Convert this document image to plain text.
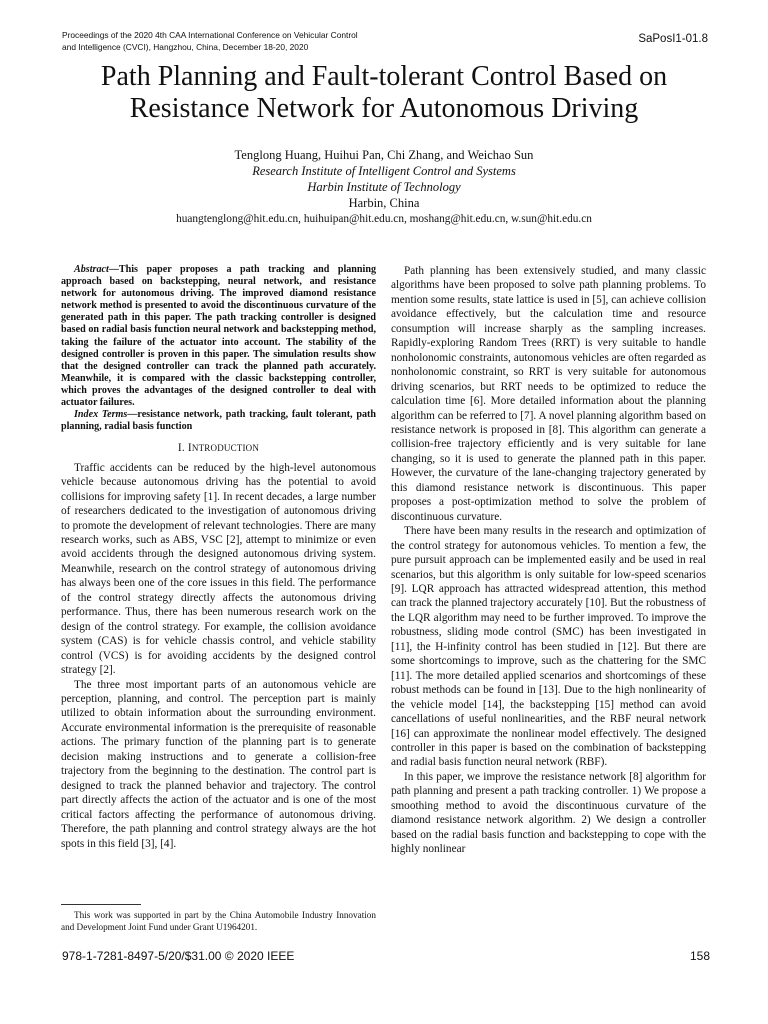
Proceedings of the 2020 4th CAA International Conference on Vehicular Control
and Intelligence (CVCI), Hangzhou, China, December 18-20, 2020
SaPosI1-01.8
Path Planning and Fault-tolerant Control Based on
Resistance Network for Autonomous Driving
Tenglong Huang, Huihui Pan, Chi Zhang, and Weichao Sun
Research Institute of Intelligent Control and Systems
Harbin Institute of Technology
Harbin, China
huangtenglong@hit.edu.cn, huihuipan@hit.edu.cn, moshang@hit.edu.cn, w.sun@hit.edu.cn

Abstract—This paper proposes a path tracking and planning approach based on backstepping, neural network, and resistance network for autonomous driving. The improved diamond resistance network method is presented to avoid the discontinuous curvature of the generated path in this paper. The path tracking controller is designed based on radial basis function neural network and backstepping method, taking the failure of the actuator into account. The stability of the designed controller is proven in this paper. The simulation results show that the designed controller can track the planned path accurately. Meanwhile, it is compared with the classic backstepping controller, which proves the advantages of the designed controller to deal with actuator failures.

Index Terms—resistance network, path tracking, fault tolerant, path planning, radial basis function

I. INTRODUCTION

Traffic accidents can be reduced by the high-level autonomous vehicle because autonomous driving has the potential to avoid collisions for improving safety [1]. In recent decades, a large number of researchers dedicated to the investigation of autonomous driving to promote the development of relevant technologies. There are many research works, such as ABS, VSC [2], attempt to minimize or even avoid accidents through the designed autonomous driving system. Meanwhile, research on the control strategy of autonomous driving has always been one of the core issues in this field. The performance of the control strategy directly affects the autonomous driving performance. Thus, there has been numerous research work on the design of the control strategy. For example, the collision avoidance system (CAS) is for vehicle chassis control, and vehicle stability control (VCS) is for avoiding accidents by the designed control strategy [2].

The three most important parts of an autonomous vehicle are perception, planning, and control. The perception part is mainly utilized to obtain information about the surrounding environment. Accurate environmental information is the prerequisite of reasonable actions. The primary function of the planning part is to generate decision making instructions and to generate a collision-free trajectory from the beginning to the destination. The control part is designed to track the planned behavior and trajectory. The control part directly affects the action of the actuator and is one of the most critical factors affecting the performance of autonomous driving. Therefore, the path planning and control strategy always are the hot spots in this field [3], [4].

This work was supported in part by the China Automobile Industry Innovation and Development Joint Fund under Grant U1964201.

Path planning has been extensively studied, and many classic algorithms have been proposed to solve path planning problems. To mention some results, state lattice is used in [5], can achieve collision avoidance effectively, but the calculation time and resource consumption will increase sharply as the sampling increases. Rapidly-exploring Random Trees (RRT) is very suitable to handle nonholonomic constraints, autonomous vehicles are often regarded as nonholonomic constraint, so RRT is very suitable for autonomous driving scenarios, but RRT needs to be optimized to reduce the calculation time [6]. More detailed information about the planning algorithm can be referred to [7]. A novel planning algorithm based on resistance network is proposed in [8]. This algorithm can generate a collision-free trajectory efficiently and is very suitable for lane changing, so it is used to generate the planned path in this paper. However, the curvature of the lane-changing trajectory generated by this diamond resistance network is discontinuous. This paper proposes a post-optimization method to solve the problem of discontinuous curvature.

There have been many results in the research and optimization of the control strategy for autonomous vehicles. To mention a few, the pure pursuit approach can be implemented easily and be used in real scenarios, but this algorithm is only suitable for low-speed scenarios [9]. LQR approach has attracted widespread attention, this method can track the planned trajectory accurately [10]. But the robustness of the LQR algorithm may need to be further improved. To improve the robustness, sliding mode control (SMC) has been investigated in [11], the H-infinity control has been studied in [12]. But there are some shortcomings to improve, such as the chattering for the SMC [11]. The more detailed applied scenarios and shortcomings of these robust methods can be found in [13]. Due to the high nonlinearity of the vehicle model [14], the backstepping [15] method can avoid cancellations of useful nonlinearities, and the RBF neural network [16] can approximate the nonlinear model effectively. The designed controller in this paper is based on the combination of backstepping and radial basis function neural network (RBF).

In this paper, we improve the resistance network [8] algorithm for path planning and present a path tracking controller. 1) We propose a smoothing method to avoid the discontinuous curvature of the diamond resistance network algorithm. 2) We design a controller based on the radial basis function and backstepping to cope with the highly nonlinear

978-1-7281-8497-5/20/$31.00 © 2020 IEEE	158
